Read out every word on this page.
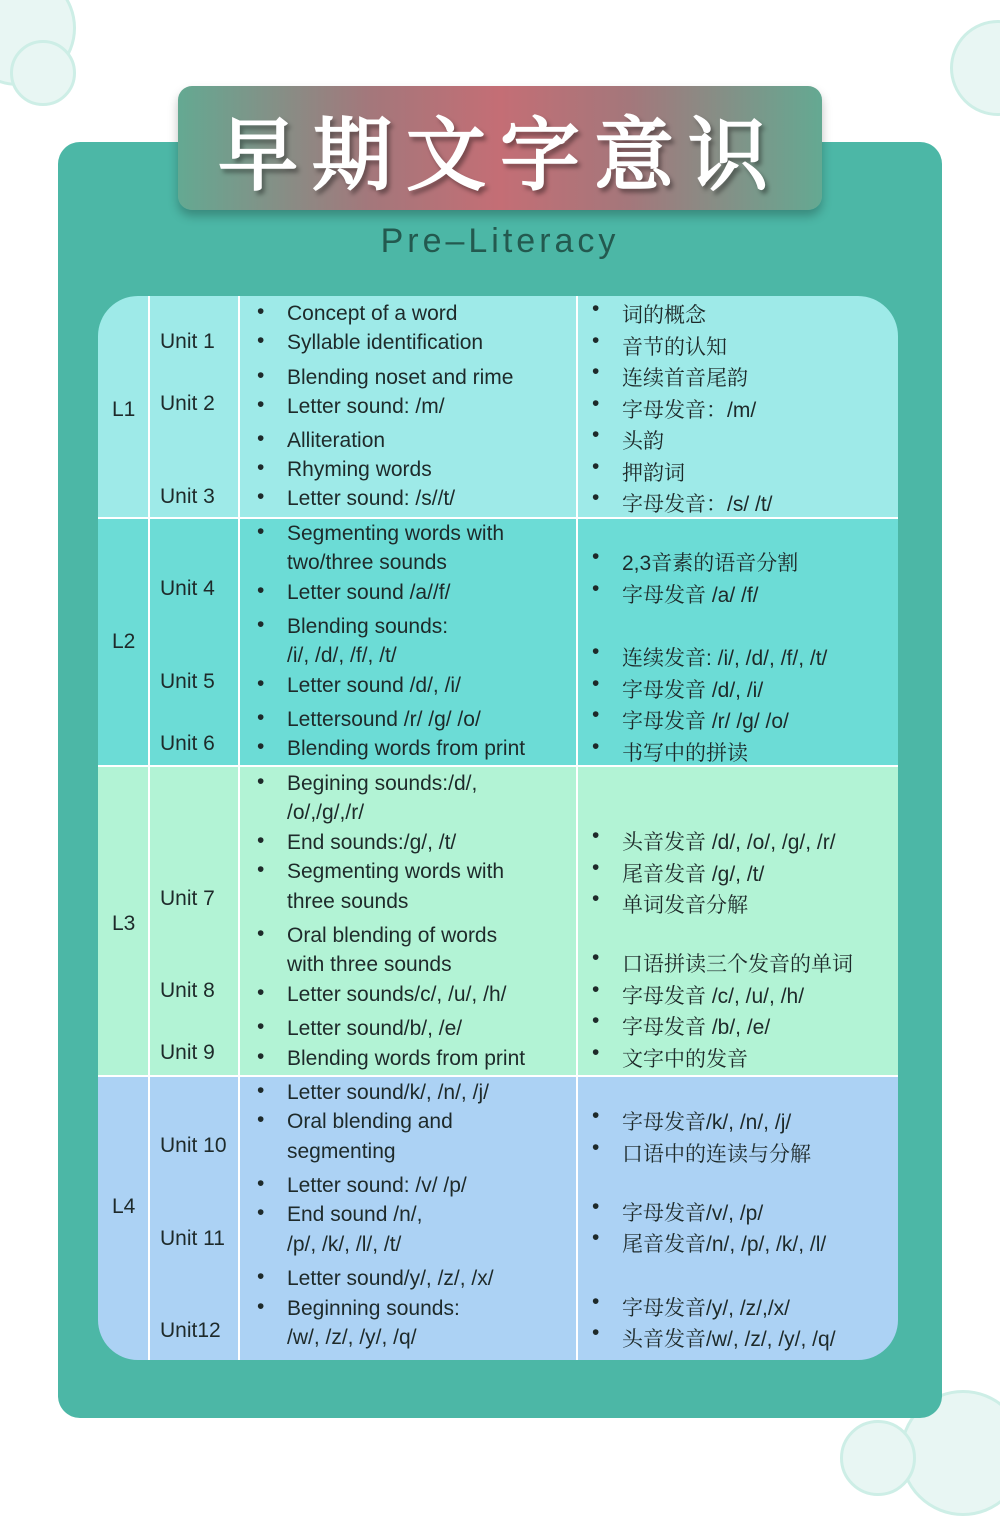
早期文字意识
Pre–Literacy
L1
Unit 1
Unit 2
Unit 3
• Concept of a word
• Syllable identification
• Blending noset and rime
• Letter sound: /m/
• Alliteration
• Rhyming words
• Letter sound: /s//t/
• 词的概念
• 音节的认知
• 连续首音尾韵
• 字母发音：/m/
• 头韵
• 押韵词
• 字母发音：/s/ /t/
L2
Unit 4
Unit 5
Unit 6
• Segmenting words with
two/three sounds
• Letter sound /a//f/
• Blending sounds:
/i/, /d/, /f/, /t/
• Letter sound /d/, /i/
• Lettersound /r/ /g/ /o/
• Blending words from print
• 2,3音素的语音分割
• 字母发音 /a/ /f/
• 连续发音: /i/, /d/, /f/, /t/
• 字母发音 /d/, /i/
• 字母发音 /r/ /g/ /o/
• 书写中的拼读
L3
Unit 7
Unit 8
Unit 9
• Begining sounds:/d/,
/o/,/g/,/r/
• End sounds:/g/, /t/
• Segmenting words with
three sounds
• Oral blending of words
with three sounds
• Letter sounds/c/, /u/, /h/
• Letter sound/b/, /e/
• Blending words from print
• 头音发音 /d/, /o/, /g/, /r/
• 尾音发音 /g/, /t/
• 单词发音分解
• 口语拼读三个发音的单词
• 字母发音 /c/, /u/, /h/
• 字母发音 /b/, /e/
• 文字中的发音
L4
Unit 10
Unit 11
Unit12
• Letter sound/k/, /n/, /j/
• Oral blending and
segmenting
• Letter sound: /v/ /p/
• End sound /n/,
/p/, /k/, /l/, /t/
• Letter sound/y/, /z/, /x/
• Beginning sounds:
/w/, /z/, /y/, /q/
• 字母发音/k/, /n/, /j/
• 口语中的连读与分解
• 字母发音/v/, /p/
• 尾音发音/n/, /p/, /k/, /l/
• 字母发音/y/, /z/,/x/
• 头音发音/w/, /z/, /y/, /q/
